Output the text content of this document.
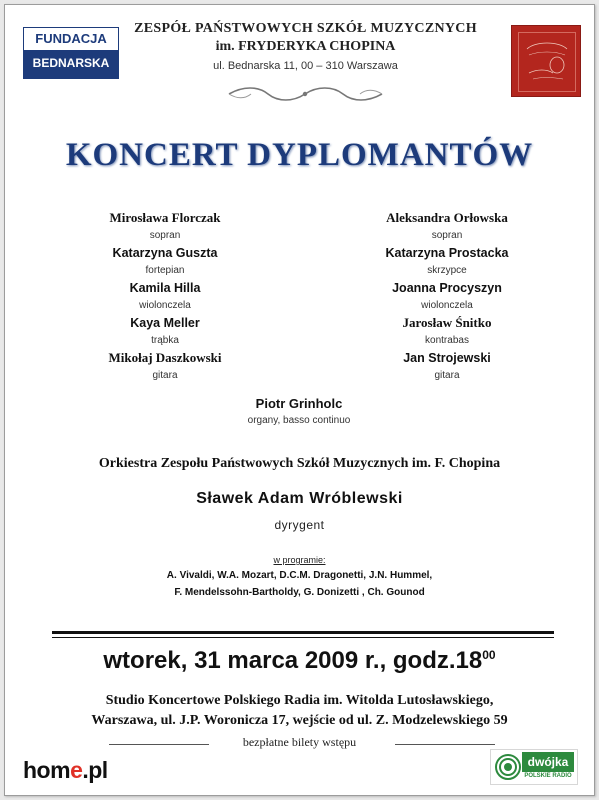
FUNDACJA
BEDNARSKA
ZESPÓŁ PAŃSTWOWYCH SZKÓŁ MUZYCZNYCH
im. FRYDERYKA CHOPINA
ul. Bednarska 11, 00 – 310 Warszawa
KONCERT DYPLOMANTÓW
Mirosława Florczak
sopran
Katarzyna Guszta
fortepian
Kamila Hilla
wiolonczela
Kaya Meller
trąbka
Mikołaj Daszkowski
gitara
Aleksandra Orłowska
sopran
Katarzyna Prostacka
skrzypce
Joanna Procyszyn
wiolonczela
Jarosław Śnitko
kontrabas
Jan Strojewski
gitara
Piotr Grinholc
organy, basso continuo
Orkiestra Zespołu Państwowych Szkół Muzycznych im. F. Chopina
Sławek Adam Wróblewski
dyrygent
w programie:
A. Vivaldi, W.A. Mozart, D.C.M. Dragonetti, J.N. Hummel,
F. Mendelssohn-Bartholdy, G. Donizetti , Ch. Gounod
wtorek, 31 marca 2009 r., $godz.18^{00}$
Studio Koncertowe Polskiego Radia im. Witolda Lutosławskiego,
Warszawa, ul. J.P. Woronicza 17, wejście od ul. Z. Modzelewskiego 59
bezpłatne bilety wstępu
home.pl	dwójka
POLSKIE RADIO
